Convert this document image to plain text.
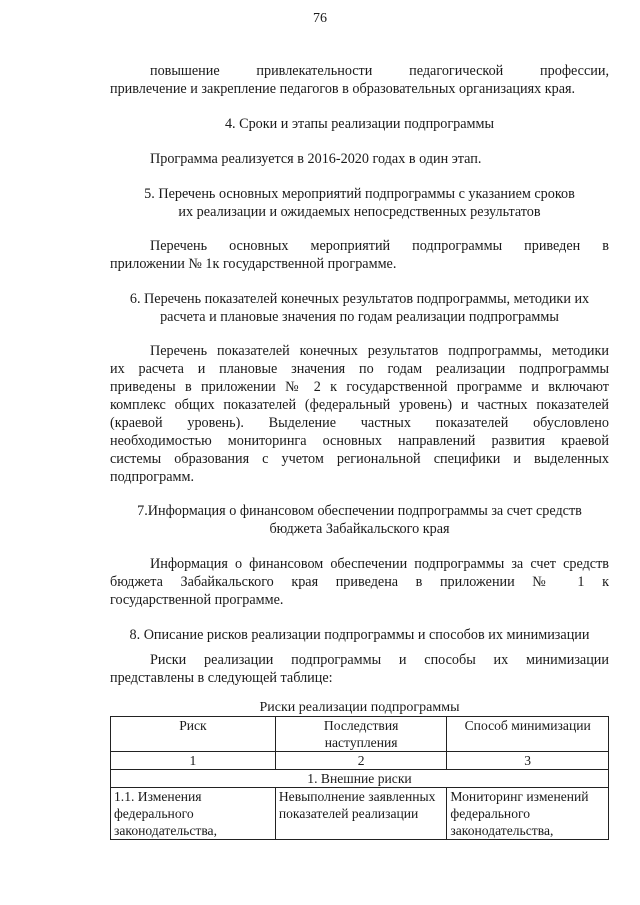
76
повышение привлекательности педагогической профессии,
привлечение и закрепление педагогов в образовательных организациях края.
4. Сроки и этапы реализации подпрограммы
Программа реализуется в 2016-2020 годах в один этап.
5. Перечень основных мероприятий подпрограммы с указанием сроков
их реализации и ожидаемых непосредственных результатов
Перечень основных мероприятий подпрограммы приведен в
приложении № 1к государственной программе.
6. Перечень показателей конечных результатов подпрограммы, методики их
расчета и плановые значения по годам реализации подпрограммы
Перечень показателей конечных результатов подпрограммы, методики
их расчета и плановые значения по годам реализации подпрограммы
приведены в приложении № 2 к государственной программе и включают
комплекс общих показателей (федеральный уровень) и частных показателей
(краевой уровень). Выделение частных показателей обусловлено
необходимостью мониторинга основных направлений развития краевой
системы образования с учетом региональной специфики и выделенных
подпрограмм.
7.Информация о финансовом обеспечении подпрограммы за счет средств
бюджета Забайкальского края
Информация о финансовом обеспечении подпрограммы за счет средств
бюджета Забайкальского края приведена в приложении № 1 к
государственной программе.
8. Описание рисков реализации подпрограммы и способов их минимизации
Риски реализации подпрограммы и способы их минимизации
представлены в следующей таблице:
Риски реализации подпрограммы
Риск	Последствия наступления	Способ минимизации
1	2	3
1. Внешние риски		
1.1. Изменения федерального законодательства,	Невыполнение заявленных показателей реализации	Мониторинг изменений федерального законодательства,
